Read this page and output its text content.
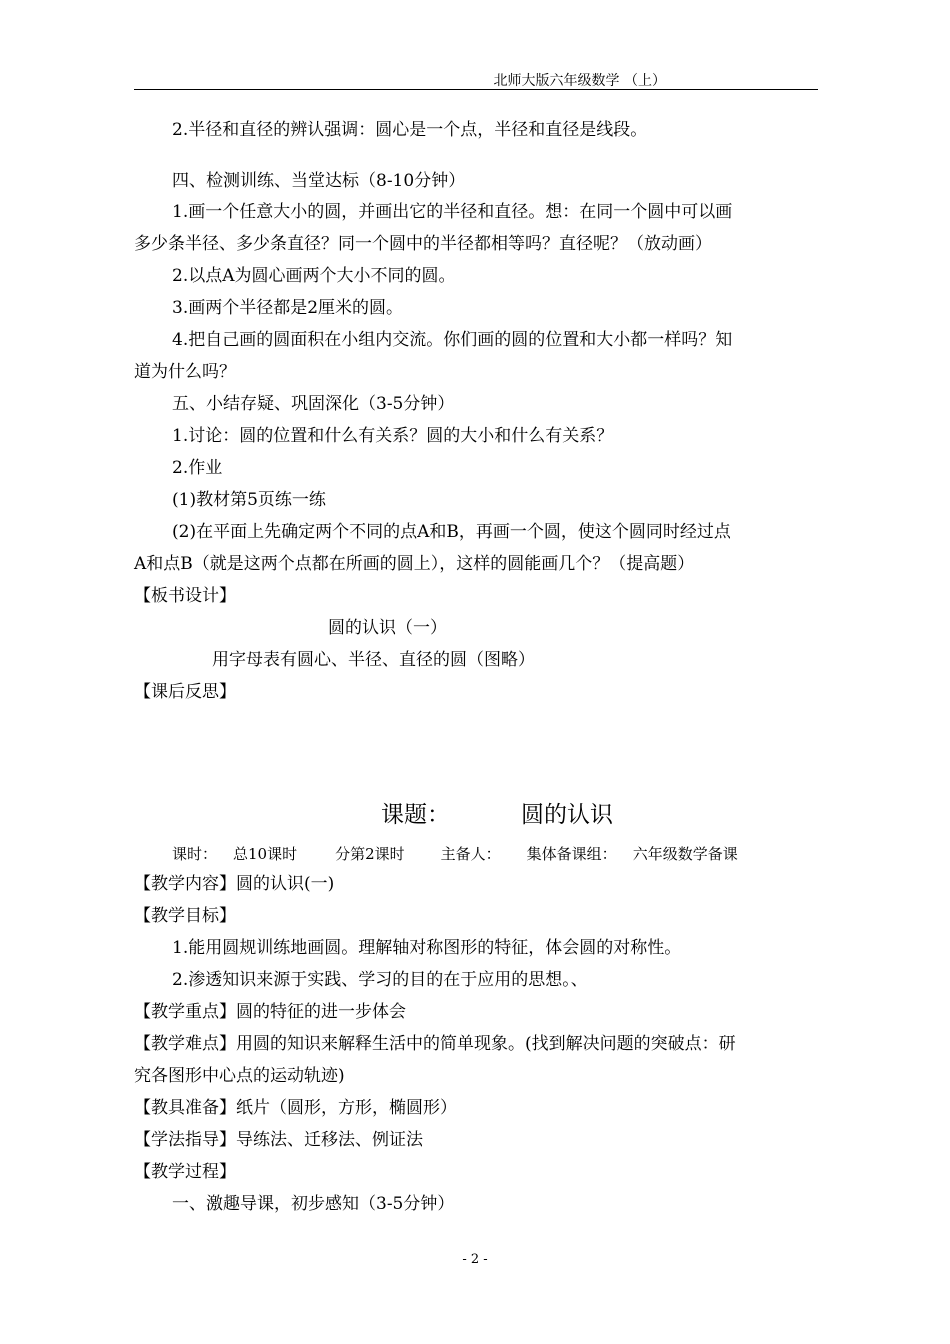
北师大版六年级数学 （上）
2.半径和直径的辨认强调：圆心是一个点，半径和直径是线段。
四、检测训练、当堂达标（8-10分钟）
1.画一个任意大小的圆，并画出它的半径和直径。想：在同一个圆中可以画
多少条半径、多少条直径？同一个圆中的半径都相等吗？直径呢？（放动画）
2.以点A为圆心画两个大小不同的圆。
3.画两个半径都是2厘米的圆。
4.把自己画的圆面积在小组内交流。你们画的圆的位置和大小都一样吗？知
道为什么吗？
五、小结存疑、巩固深化（3-5分钟）
1.讨论：圆的位置和什么有关系？圆的大小和什么有关系？
2.作业
(1)教材第5页练一练
(2)在平面上先确定两个不同的点A和B，再画一个圆，使这个圆同时经过点
A和点B（就是这两个点都在所画的圆上），这样的圆能画几个？（提高题）
【板书设计】
圆的认识（一）
用字母表有圆心、半径、直径的圆（图略）
【课后反思】
课题：	圆的认识
课时： 总10课时	分第2课时 主备人： 集体备课组： 六年级数学备课
【教学内容】圆的认识(一)
【教学目标】
1.能用圆规训练地画圆。理解轴对称图形的特征，体会圆的对称性。
2.渗透知识来源于实践、学习的目的在于应用的思想。、
【教学重点】圆的特征的进一步体会
【教学难点】用圆的知识来解释生活中的简单现象。(找到解决问题的突破点：研
究各图形中心点的运动轨迹)
【教具准备】纸片（圆形，方形，椭圆形）
【学法指导】导练法、迁移法、例证法
【教学过程】
一、激趣导课，初步感知（3-5分钟）
- 2 -
